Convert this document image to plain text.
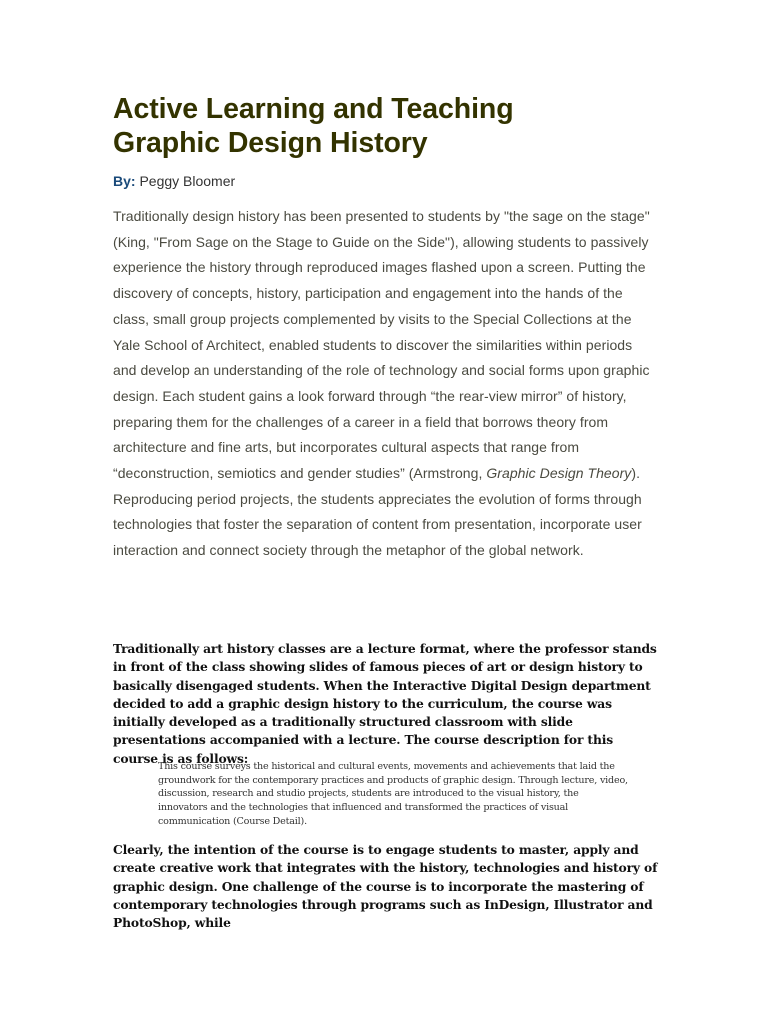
Active Learning and Teaching
Graphic Design History
By: Peggy Bloomer
Traditionally design history has been presented to students by "the sage on the stage" (King, "From Sage on the Stage to Guide on the Side"), allowing students to passively experience the history through reproduced images flashed upon a screen. Putting the discovery of concepts, history, participation and engagement into the hands of the class, small group projects complemented by visits to the Special Collections at the Yale School of Architect, enabled students to discover the similarities within periods and develop an understanding of the role of technology and social forms upon graphic design. Each student gains a look forward through “the rear-view mirror” of history, preparing them for the challenges of a career in a field that borrows theory from architecture and fine arts, but incorporates cultural aspects that range from “deconstruction, semiotics and gender studies” (Armstrong, Graphic Design Theory). Reproducing period projects, the students appreciates the evolution of forms through technologies that foster the separation of content from presentation, incorporate user interaction and connect society through the metaphor of the global network.
Traditionally art history classes are a lecture format, where the professor stands in front of the class showing slides of famous pieces of art or design history to basically disengaged students. When the Interactive Digital Design department decided to add a graphic design history to the curriculum, the course was initially developed as a traditionally structured classroom with slide presentations accompanied with a lecture. The course description for this course is as follows:
This course surveys the historical and cultural events, movements and achievements that laid the groundwork for the contemporary practices and products of graphic design. Through lecture, video, discussion, research and studio projects, students are introduced to the visual history, the innovators and the technologies that influenced and transformed the practices of visual communication (Course Detail).
Clearly, the intention of the course is to engage students to master, apply and create creative work that integrates with the history, technologies and history of graphic design. One challenge of the course is to incorporate the mastering of contemporary technologies through programs such as InDesign, Illustrator and PhotoShop, while
